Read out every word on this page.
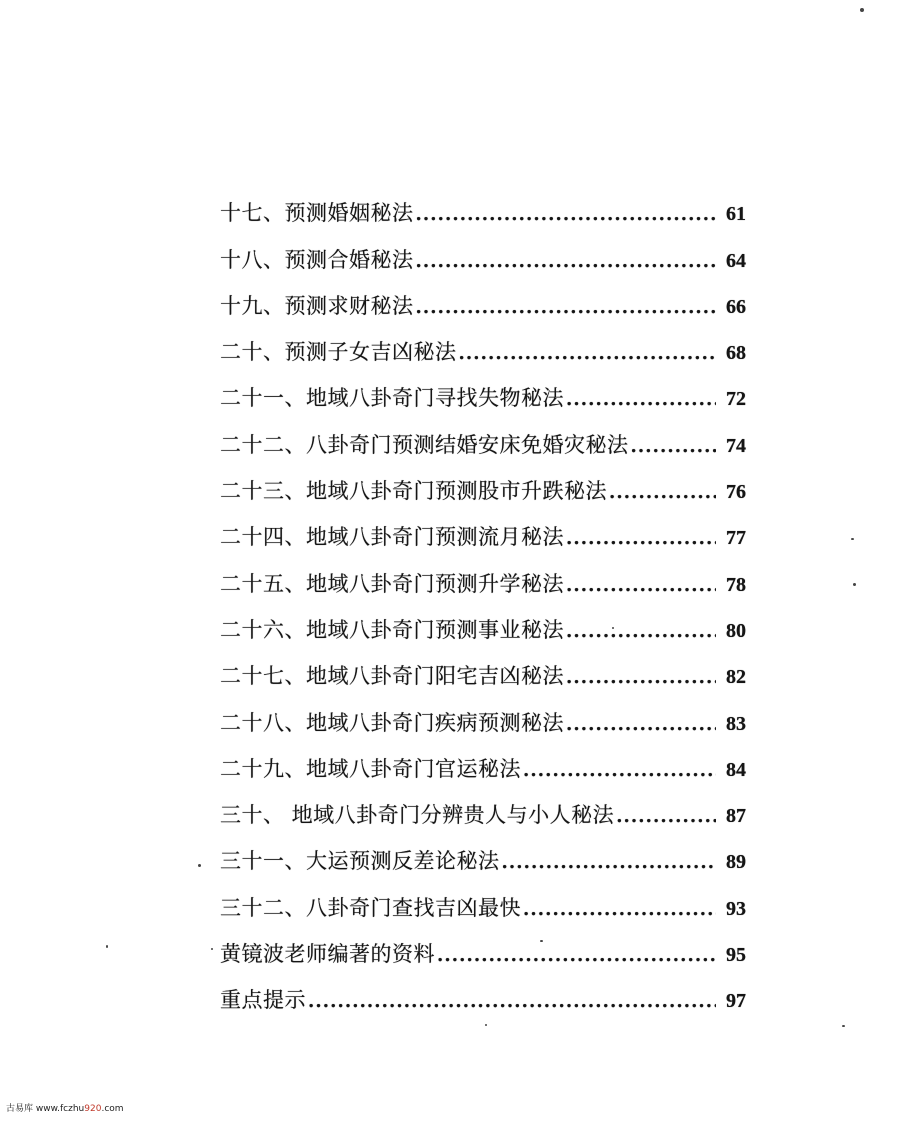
十七、预测婚姻秘法 .....	61
十八、预测合婚秘法 .....	64
十九、预测求财秘法 .....	66
二十、预测子女吉凶秘法 .....	68
二十一、地域八卦奇门寻找失物秘法 .....	72
二十二、八卦奇门预测结婚安床免婚灾秘法 .....	74
二十三、地域八卦奇门预测股市升跌秘法 .....	76
二十四、地域八卦奇门预测流月秘法 .....	77
二十五、地域八卦奇门预测升学秘法 .....	78
二十六、地域八卦奇门预测事业秘法 .....	80
二十七、地域八卦奇门阳宅吉凶秘法 .....	82
二十八、地域八卦奇门疾病预测秘法 .....	83
二十九、地域八卦奇门官运秘法 .....	84
三十、 地域八卦奇门分辨贵人与小人秘法 .....	87
三十一、大运预测反差论秘法 .....	89
三十二、八卦奇门查找吉凶最快 .....	93
黄镜波老师编著的资料 .....	95
重点提示 .....	97
古易库 www.fczhu920.com
